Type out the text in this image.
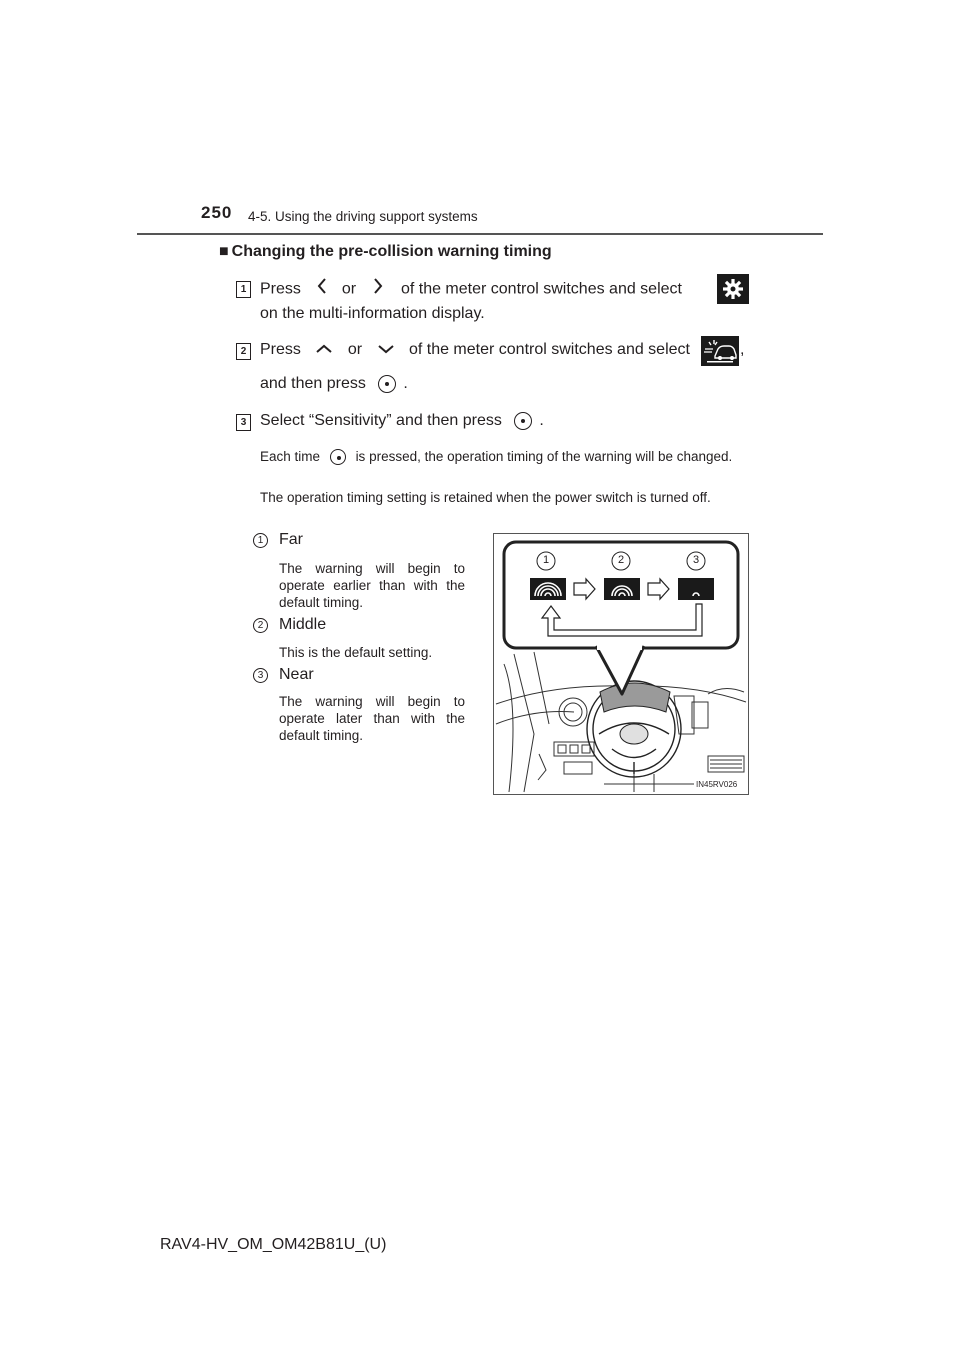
250 4-5. Using the driving support systems
■ Changing the pre-collision warning timing
1 Press	or	of the meter control switches and select
on the multi-information display.
2 Press	or	of the meter control switches and select	,
and then press .
3 Select “Sensitivity” and then press .
Each time	is pressed, the operation timing of the warning will be changed.
The operation timing setting is retained when the power switch is turned off.
1 Far
The warning will begin to operate earlier than with the default timing.
2 Middle
This is the default setting.
3 Near
The warning will begin to operate later than with the default timing.
1	2	3
IN45RV026
RAV4-HV_OM_OM42B81U_(U)
